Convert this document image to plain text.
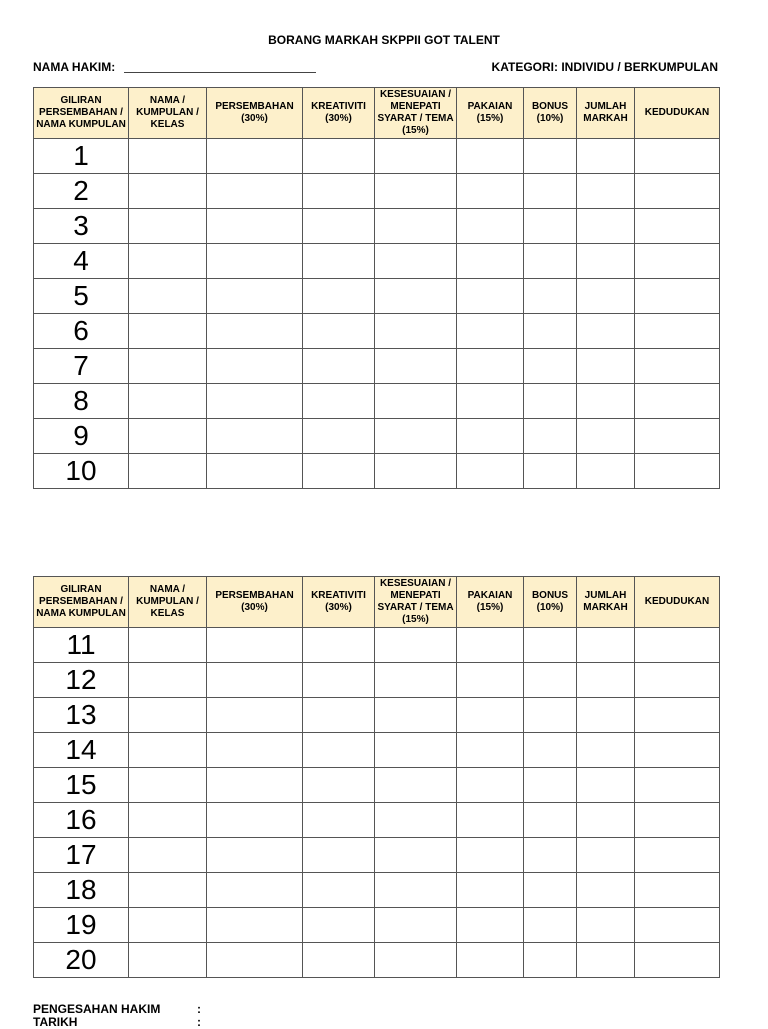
BORANG MARKAH SKPPII GOT TALENT
NAMA HAKIM:	KATEGORI: INDIVIDU / BERKUMPULAN
GILIRAN PERSEMBAHAN / NAMA KUMPULAN	NAMA / KUMPULAN / KELAS	PERSEMBAHAN (30%)	KREATIVITI (30%)	KESESUAIAN / MENEPATI SYARAT / TEMA (15%)	PAKAIAN (15%)	BONUS (10%)	JUMLAH MARKAH	KEDUDUKAN
1								
2								
3								
4								
5								
6								
7								
8								
9								
10								
GILIRAN PERSEMBAHAN / NAMA KUMPULAN	NAMA / KUMPULAN / KELAS	PERSEMBAHAN (30%)	KREATIVITI (30%)	KESESUAIAN / MENEPATI SYARAT / TEMA (15%)	PAKAIAN (15%)	BONUS (10%)	JUMLAH MARKAH	KEDUDUKAN
11								
12								
13								
14								
15								
16								
17								
18								
19								
20								
PENGESAHAN HAKIM	:
TARIKH	:
